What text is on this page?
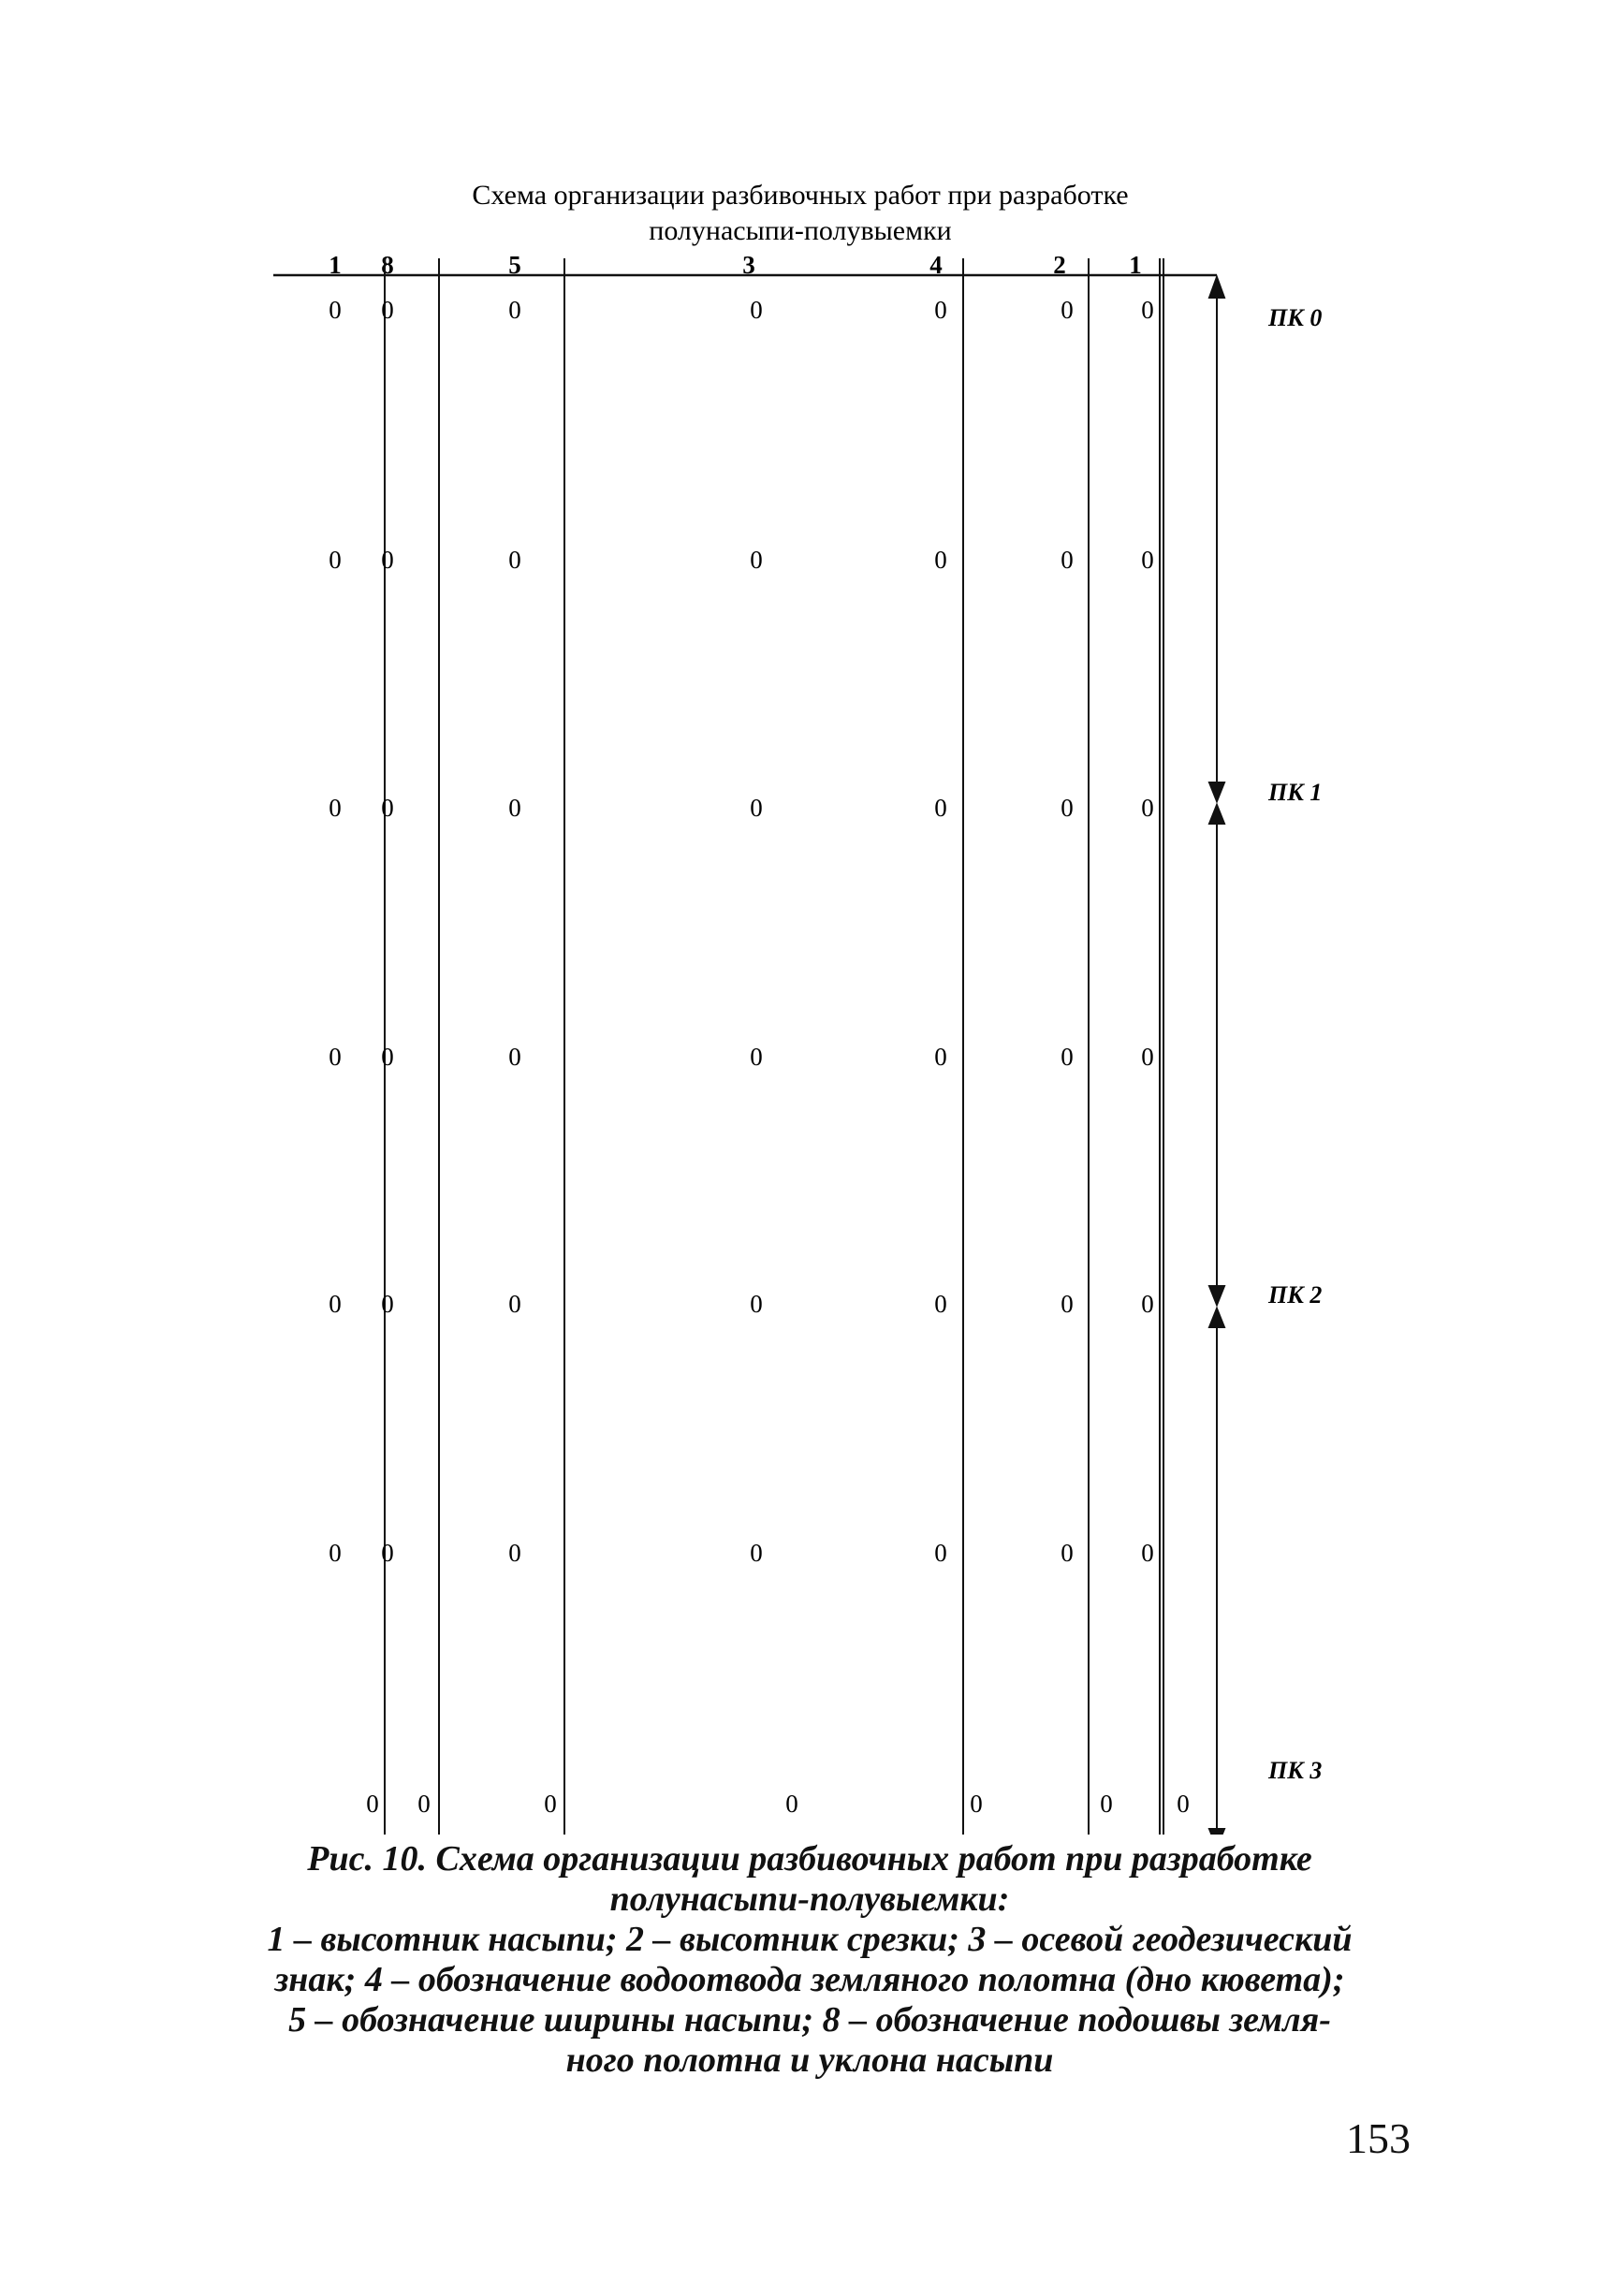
Схема организации разбивочных работ при разработке
полунасыпи-полувыемки
1 8	5	3	4	2	1
0 0	0	0	0	0	0
0 0	0	0	0	0	0
0 0	0	0	0	0	0
0 0	0	0	0	0	0
0 0	0	0	0	0	0
0 0	0	0	0	0	0
0 0	0	0	0	0	0
ПК 0
ПК 1
ПК 2
ПК 3
Рис. 10. Схема организации разбивочных работ при разработке
полунасыпи-полувыемки:
1 – высотник насыпи; 2 – высотник срезки; 3 – осевой геодезический
знак; 4 – обозначение водоотвода земляного полотна (дно кювета);
5 – обозначение ширины насыпи; 8 – обозначение подошвы земля-
ного полотна и уклона насыпи
153
